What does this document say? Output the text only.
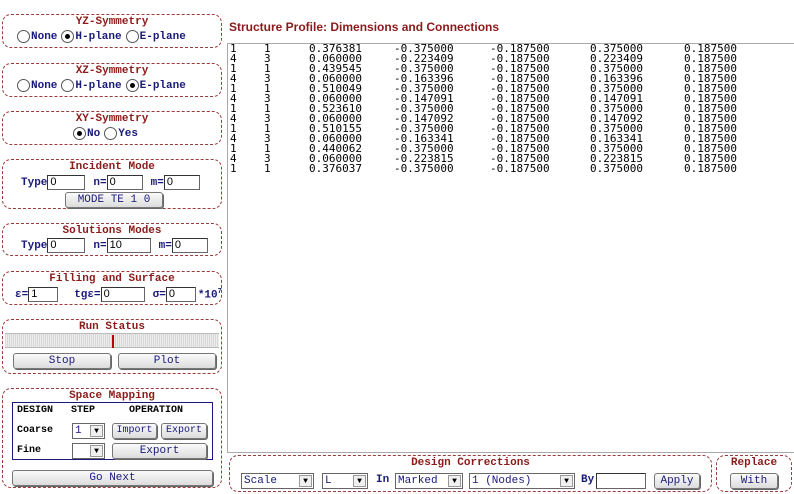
YZ-Symmetry
None H-plane E-plane
XZ-Symmetry
None H-plane E-plane
XY-Symmetry
No Yes
Incident Mode
Type 0	n= 0	m= 0
MODE TE 1 0
Solutions Modes
Type 0	n= 10	m= 0
Filling and Surface
ε= 1	tgε= 0	σ= 0	$*10^7$
Run Status
Stop	Plot
Space Mapping
DESIGN STEP	OPERATION
Coarse 1	▼	Import	Export
Fine	▼	Export
Go Next
Structure Profile: Dimensions and Connections
1	1	0.376381	-0.375000	-0.187500	0.375000	0.187500
4	3	0.060000	-0.223409	-0.187500	0.223409	0.187500
1	1	0.439545	-0.375000	-0.187500	0.375000	0.187500
4	3	0.060000	-0.163396	-0.187500	0.163396	0.187500
1	1	0.510049	-0.375000	-0.187500	0.375000	0.187500
4	3	0.060000	-0.147091	-0.187500	0.147091	0.187500
1	1	0.523610	-0.375000	-0.187500	0.375000	0.187500
4	3	0.060000	-0.147092	-0.187500	0.147092	0.187500
1	1	0.510155	-0.375000	-0.187500	0.375000	0.187500
4	3	0.060000	-0.163341	-0.187500	0.163341	0.187500
1	1	0.440062	-0.375000	-0.187500	0.375000	0.187500
4	3	0.060000	-0.223815	-0.187500	0.223815	0.187500
1	1	0.376037	-0.375000	-0.187500	0.375000	0.187500
Design Corrections
Scale	▼	L	▼	In Marked	▼	1 (Nodes)	▼	By	Apply
Replace
With
